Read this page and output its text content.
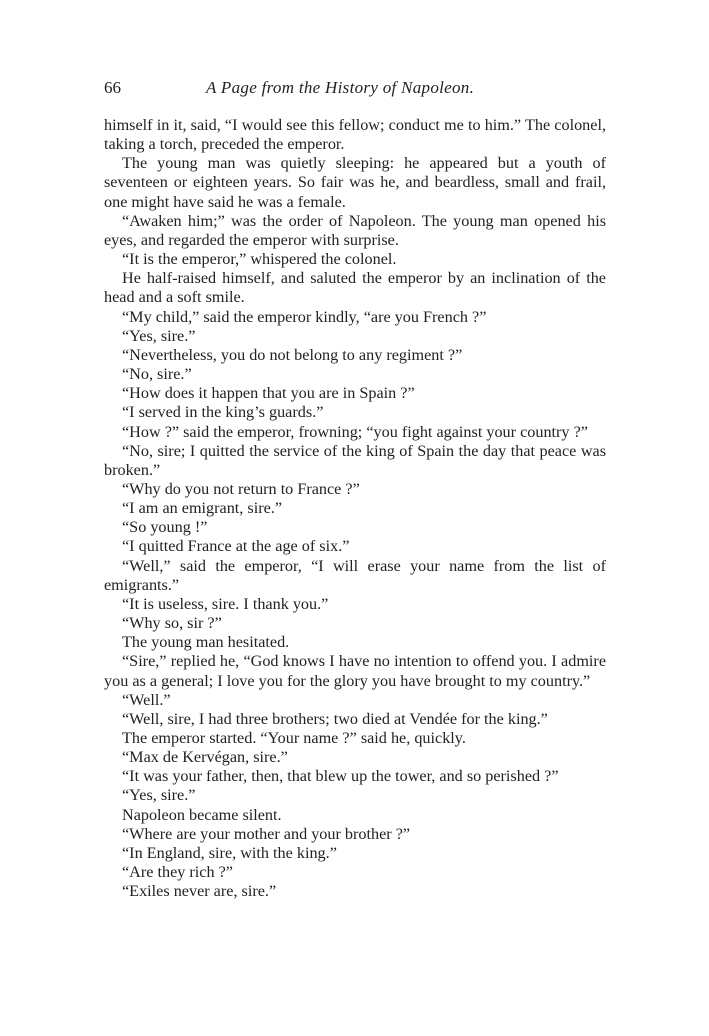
66	A Page from the History of Napoleon.

himself in it, said, “I would see this fellow; conduct me to him.” The colonel, taking a torch, preceded the emperor.

The young man was quietly sleeping: he appeared but a youth of seventeen or eighteen years. So fair was he, and beardless, small and frail, one might have said he was a female.

“Awaken him;” was the order of Napoleon. The young man opened his eyes, and regarded the emperor with surprise.

“It is the emperor,” whispered the colonel.

He half-raised himself, and saluted the emperor by an inclination of the head and a soft smile.

“My child,” said the emperor kindly, “are you French ?”

“Yes, sire.”

“Nevertheless, you do not belong to any regiment ?”

“No, sire.”

“How does it happen that you are in Spain ?”

“I served in the king’s guards.”

“How ?” said the emperor, frowning; “you fight against your country ?”

“No, sire; I quitted the service of the king of Spain the day that peace was broken.”

“Why do you not return to France ?”

“I am an emigrant, sire.”

“So young !”

“I quitted France at the age of six.”

“Well,” said the emperor, “I will erase your name from the list of emigrants.”

“It is useless, sire. I thank you.”

“Why so, sir ?”

The young man hesitated.

“Sire,” replied he, “God knows I have no intention to offend you. I admire you as a general; I love you for the glory you have brought to my country.”

“Well.”

“Well, sire, I had three brothers; two died at Vendée for the king.”

The emperor started. “Your name ?” said he, quickly.

“Max de Kervégan, sire.”

“It was your father, then, that blew up the tower, and so perished ?”

“Yes, sire.”

Napoleon became silent.

“Where are your mother and your brother ?”

“In England, sire, with the king.”

“Are they rich ?”

“Exiles never are, sire.”
